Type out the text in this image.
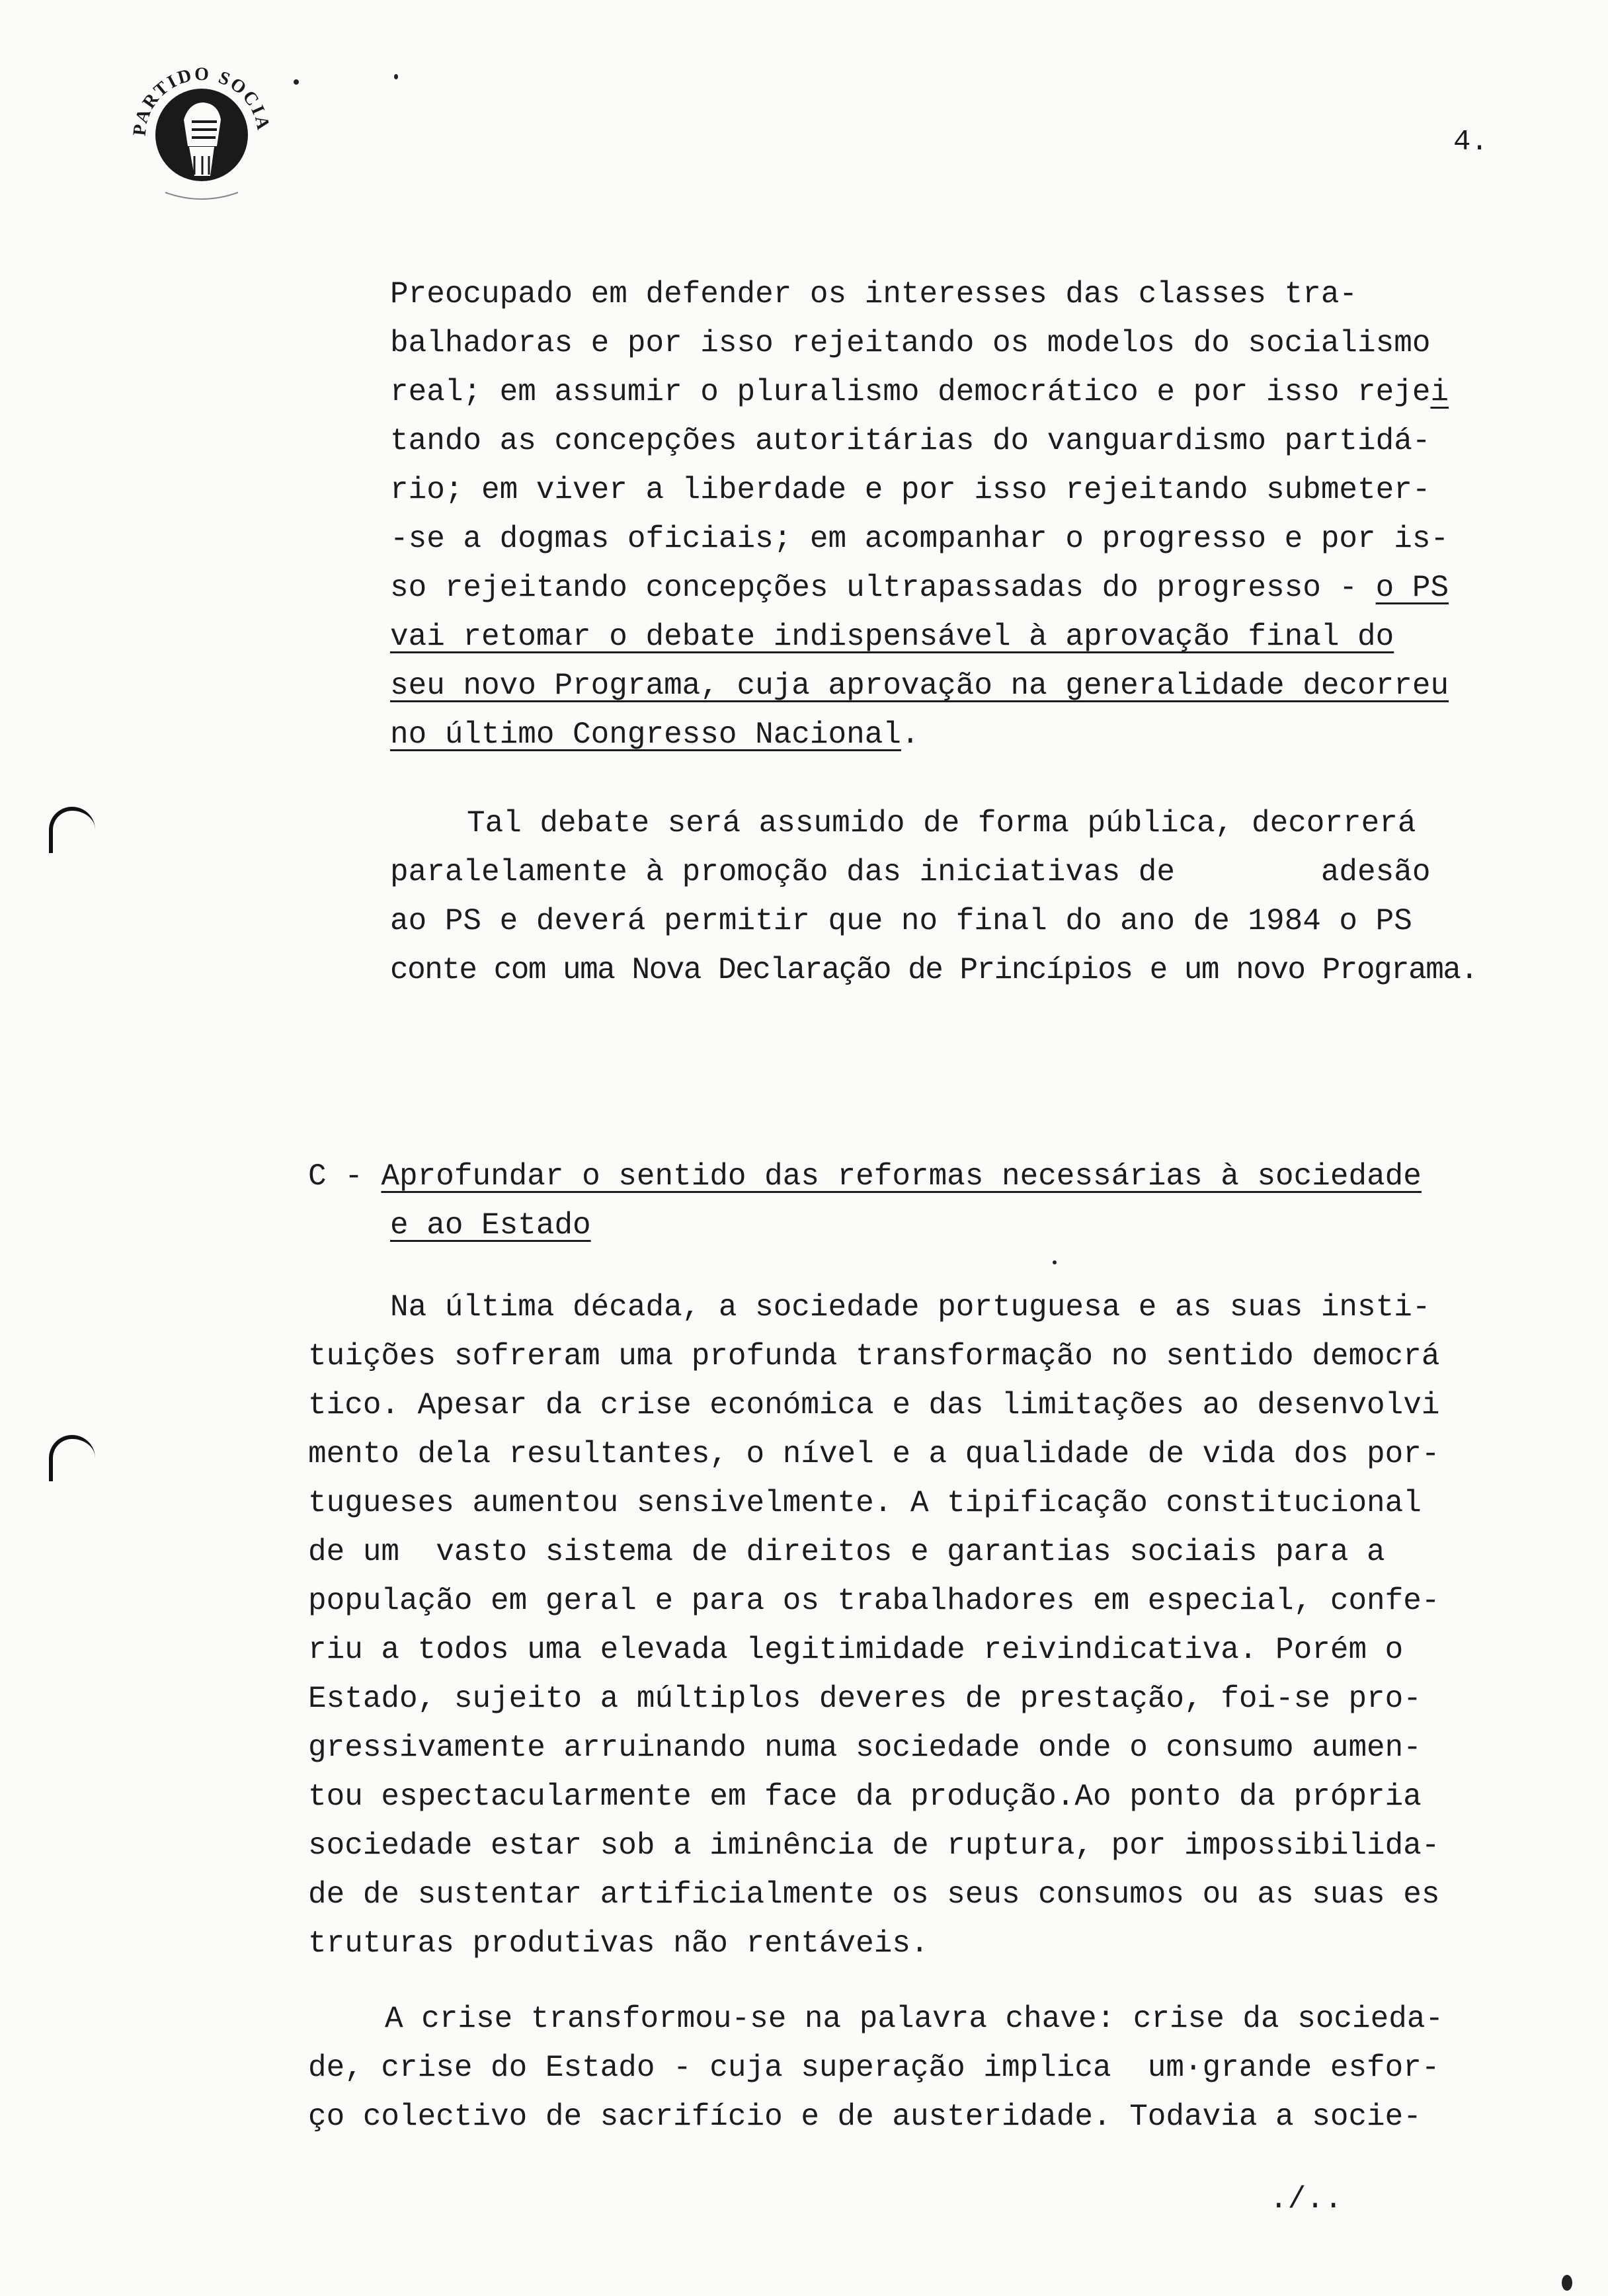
PARTIDO SOCIA
4.
Preocupado em defender os interesses das classes tra-
balhadoras e por isso rejeitando os modelos do socialismo
real; em assumir o pluralismo democrático e por isso rejei
tando as concepções autoritárias do vanguardismo partidá-
rio; em viver a liberdade e por isso rejeitando submeter-
-se a dogmas oficiais; em acompanhar o progresso e por is-
so rejeitando concepções ultrapassadas do progresso - o PS
vai retomar o debate indispensável à aprovação final do
seu novo Programa, cuja aprovação na generalidade decorreu
no último Congresso Nacional.
Tal debate será assumido de forma pública, decorrerá
paralelamente à promoção das iniciativas de        adesão
ao PS e deverá permitir que no final do ano de 1984 o PS
conte com uma Nova Declaração de Princípios e um novo Programa.
C - Aprofundar o sentido das reformas necessárias à sociedade
e ao Estado
Na última década, a sociedade portuguesa e as suas insti-
tuições sofreram uma profunda transformação no sentido democrá
tico. Apesar da crise económica e das limitações ao desenvolvi
mento dela resultantes, o nível e a qualidade de vida dos por-
tugueses aumentou sensivelmente. A tipificação constitucional
de um  vasto sistema de direitos e garantias sociais para a
população em geral e para os trabalhadores em especial, confe-
riu a todos uma elevada legitimidade reivindicativa. Porém o
Estado, sujeito a múltiplos deveres de prestação, foi-se pro-
gressivamente arruinando numa sociedade onde o consumo aumen-
tou espectacularmente em face da produção.Ao ponto da própria
sociedade estar sob a iminência de ruptura, por impossibilida-
de de sustentar artificialmente os seus consumos ou as suas es
truturas produtivas não rentáveis.
A crise transformou-se na palavra chave: crise da socieda-
de, crise do Estado - cuja superação implica  um·grande esfor-
ço colectivo de sacrifício e de austeridade. Todavia a socie-
./..
